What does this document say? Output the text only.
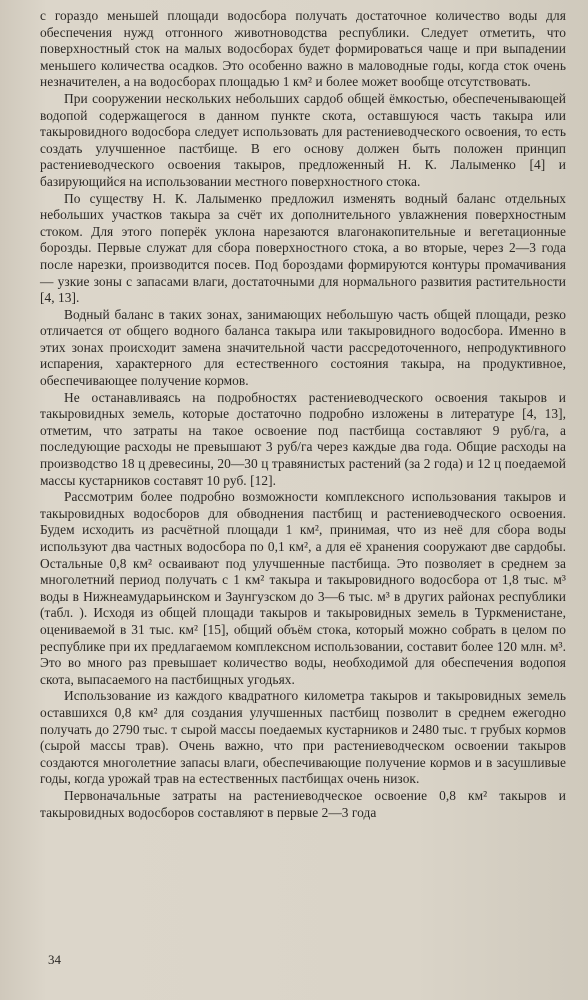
с гораздо меньшей площади водосбора получать достаточное количество воды для обеспечения нужд отгонного животноводства республики. Следует отметить, что поверхностный сток на малых водосборах будет формироваться чаще и при выпадении меньшего количества осадков. Это особенно важно в маловодные годы, когда сток очень незначителен, а на водосборах площадью 1 км² и более может вообще отсутствовать.

При сооружении нескольких небольших сардоб общей ёмкостью, обеспеченывающей водопой содержащегося в данном пункте скота, оставшуюся часть такыра или такыровидного водосбора следует использовать для растениеводческого освоения, то есть создать улучшенное пастбище. В его основу должен быть положен принцип растениеводческого освоения такыров, предложенный Н. К. Лалыменко [4] и базирующийся на использовании местного поверхностного стока.

По существу Н. К. Лалыменко предложил изменять водный баланс отдельных небольших участков такыра за счёт их дополнительного увлажнения поверхностным стоком. Для этого поперёк уклона нарезаются влагонакопительные и вегетационные борозды. Первые служат для сбора поверхностного стока, а во вторые, через 2—3 года после нарезки, производится посев. Под бороздами формируются контуры промачивания — узкие зоны с запасами влаги, достаточными для нормального развития растительности [4, 13].

Водный баланс в таких зонах, занимающих небольшую часть общей площади, резко отличается от общего водного баланса такыра или такыровидного водосбора. Именно в этих зонах происходит замена значительной части рассредоточенного, непродуктивного испарения, характерного для естественного состояния такыра, на продуктивное, обеспечивающее получение кормов.

Не останавливаясь на подробностях растениеводческого освоения такыров и такыровидных земель, которые достаточно подробно изложены в литературе [4, 13], отметим, что затраты на такое освоение под пастбища составляют 9 руб/га, а последующие расходы не превышают 3 руб/га через каждые два года. Общие расходы на производство 18 ц древесины, 20—30 ц травянистых растений (за 2 года) и 12 ц поедаемой массы кустарников составят 10 руб. [12].

Рассмотрим более подробно возможности комплексного использования такыров и такыровидных водосборов для обводнения пастбищ и растениеводческого освоения. Будем исходить из расчётной площади 1 км², принимая, что из неё для сбора воды используют два частных водосбора по 0,1 км², а для её хранения сооружают две сардобы. Остальные 0,8 км² осваивают под улучшенные пастбища. Это позволяет в среднем за многолетний период получать с 1 км² такыра и такыровидного водосбора от 1,8 тыс. м³ воды в Нижнеамударьинском и Заунгузском до 3—6 тыс. м³ в других районах республики (табл. ). Исходя из общей площади такыров и такыровидных земель в Туркменистане, оцениваемой в 31 тыс. км² [15], общий объём стока, который можно собрать в целом по республике при их предлагаемом комплексном использовании, составит более 120 млн. м³. Это во много раз превышает количество воды, необходимой для обеспечения водопоя скота, выпасаемого на пастбищных угодьях.

Использование из каждого квадратного километра такыров и такыровидных земель оставшихся 0,8 км² для создания улучшенных пастбищ позволит в среднем ежегодно получать до 2790 тыс. т сырой массы поедаемых кустарников и 2480 тыс. т грубых кормов (сырой массы трав). Очень важно, что при растениеводческом освоении такыров создаются многолетние запасы влаги, обеспечивающие получение кормов и в засушливые годы, когда урожай трав на естественных пастбищах очень низок.

Первоначальные затраты на растениеводческое освоение 0,8 км² такыров и такыровидных водосборов составляют в первые 2—3 года

34
